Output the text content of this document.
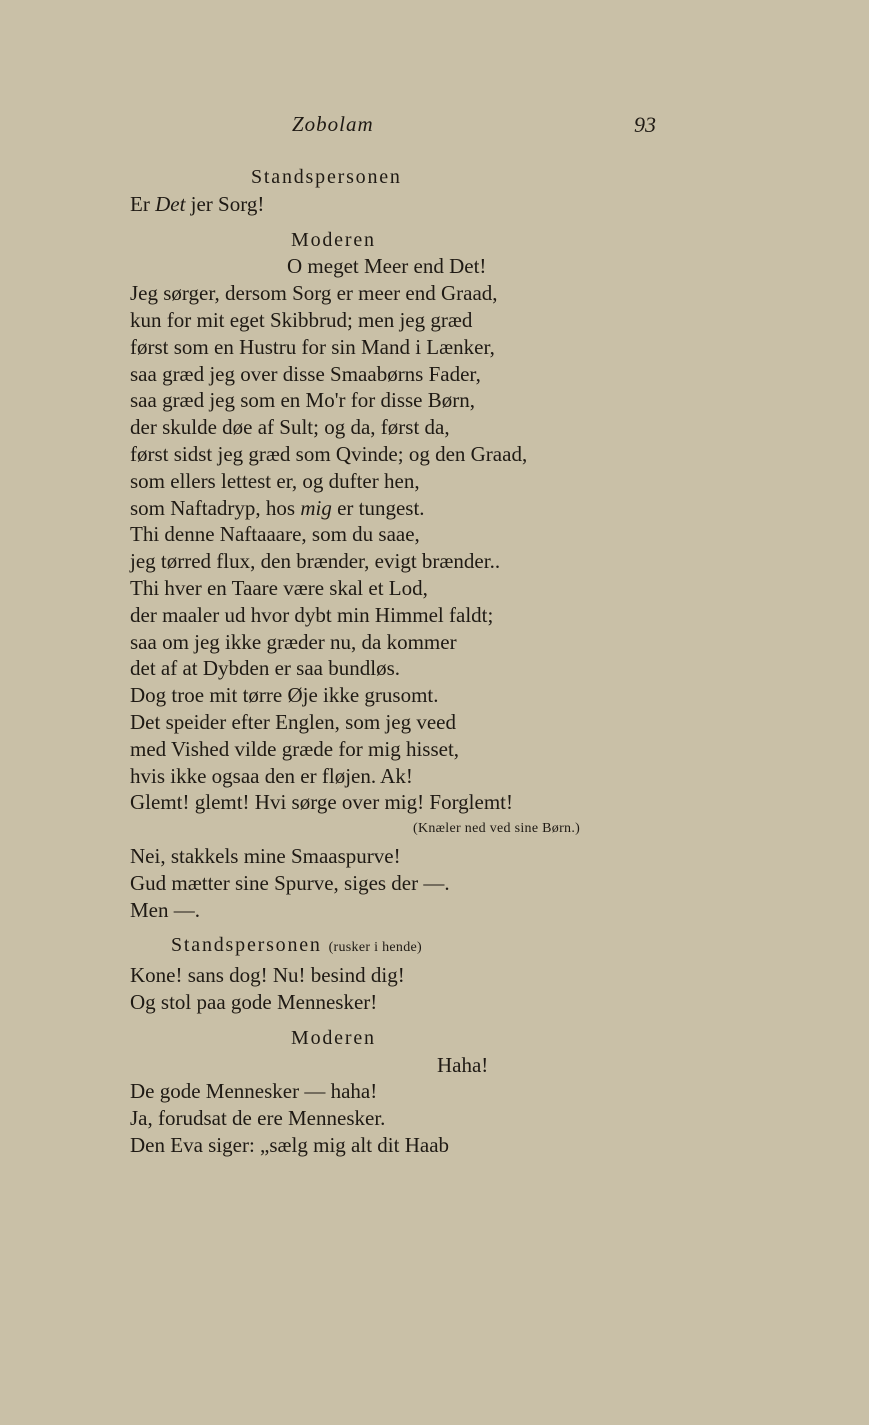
Zobolam	93
Standspersonen
Er Det jer Sorg!
Moderen
O meget Meer end Det!
Jeg sørger, dersom Sorg er meer end Graad,
kun for mit eget Skibbrud; men jeg græd
først som en Hustru for sin Mand i Lænker,
saa græd jeg over disse Smaabørns Fader,
saa græd jeg som en Mo'r for disse Børn,
der skulde døe af Sult; og da, først da,
først sidst jeg græd som Qvinde; og den Graad,
som ellers lettest er, og dufter hen,
som Naftadryp, hos mig er tungest.
Thi denne Naftaaare, som du saae,
jeg tørred flux, den brænder, evigt brænder..
Thi hver en Taare være skal et Lod,
der maaler ud hvor dybt min Himmel faldt;
saa om jeg ikke græder nu, da kommer
det af at Dybden er saa bundløs.
Dog troe mit tørre Øje ikke grusomt.
Det speider efter Englen, som jeg veed
med Vished vilde græde for mig hisset,
hvis ikke ogsaa den er fløjen. Ak!
Glemt! glemt! Hvi sørge over mig! Forglemt!
(Knæler ned ved sine Børn.)
Nei, stakkels mine Smaaspurve!
Gud mætter sine Spurve, siges der —.
Men —.
Standspersonen (rusker i hende)
Kone! sans dog! Nu! besind dig!
Og stol paa gode Mennesker!
Moderen
Haha!
De gode Mennesker — haha!
Ja, forudsat de ere Mennesker.
Den Eva siger: „sælg mig alt dit Haab
